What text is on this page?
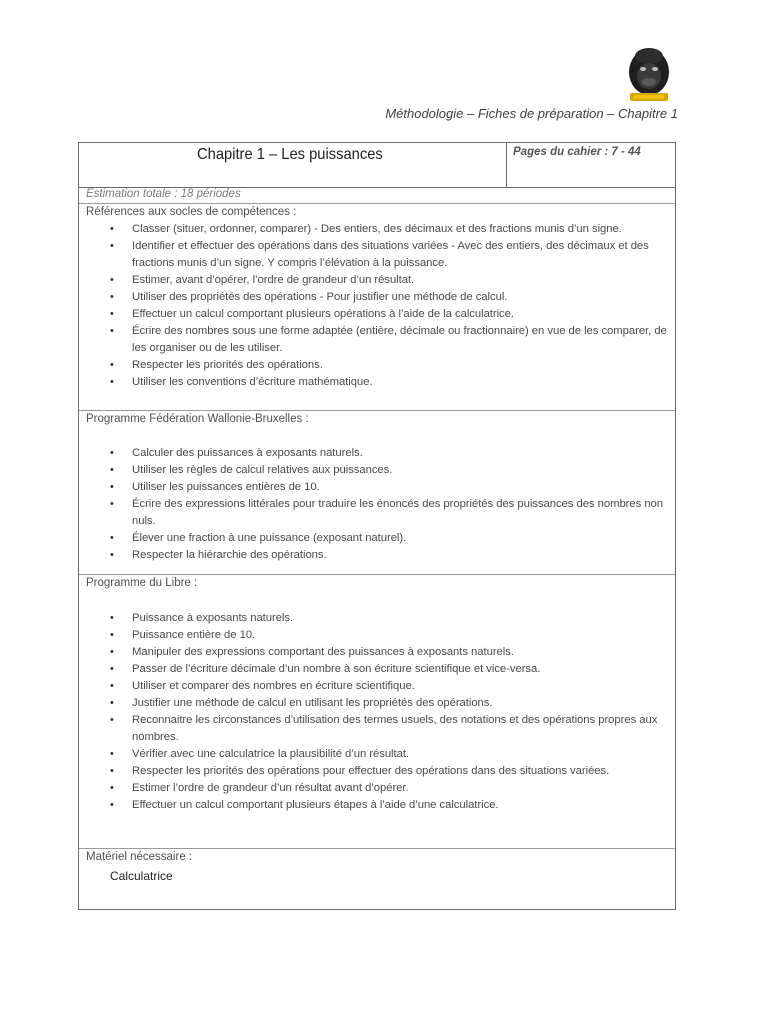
Méthodologie – Fiches de préparation – Chapitre 1
Chapitre 1 – Les puissances	Pages du cahier : 7 - 44
Estimation totale : 18 périodes
Références aux socles de compétences :
• Classer (situer, ordonner, comparer) - Des entiers, des décimaux et des fractions munis d’un signe.
• Identifier et effectuer des opérations dans des situations variées - Avec des entiers, des décimaux et des fractions munis d’un signe. Y compris l’élévation à la puissance.
• Estimer, avant d’opérer, l’ordre de grandeur d’un résultat.
• Utiliser des propriétés des opérations - Pour justifier une méthode de calcul.
• Effectuer un calcul comportant plusieurs opérations à l’aide de la calculatrice.
• Écrire des nombres sous une forme adaptée (entière, décimale ou fractionnaire) en vue de les comparer, de les organiser ou de les utiliser.
• Respecter les priorités des opérations.
• Utiliser les conventions d’écriture mathématique.
Programme Fédération Wallonie-Bruxelles :
• Calculer des puissances à exposants naturels.
• Utiliser les règles de calcul relatives aux puissances.
• Utiliser les puissances entières de 10.
• Écrire des expressions littérales pour traduire les énoncés des propriétés des puissances des nombres non nuls.
• Élever une fraction à une puissance (exposant naturel).
• Respecter la hiérarchie des opérations.
Programme du Libre :
• Puissance à exposants naturels.
• Puissance entière de 10.
• Manipuler des expressions comportant des puissances à exposants naturels.
• Passer de l’écriture décimale d’un nombre à son écriture scientifique et vice-versa.
• Utiliser et comparer des nombres en écriture scientifique.
• Justifier une méthode de calcul en utilisant les propriétés des opérations.
• Reconnaitre les circonstances d’utilisation des termes usuels, des notations et des opérations propres aux nombres.
• Vérifier avec une calculatrice la plausibilité d’un résultat.
• Respecter les priorités des opérations pour effectuer des opérations dans des situations variées.
• Estimer l’ordre de grandeur d’un résultat avant d’opérer.
• Effectuer un calcul comportant plusieurs étapes à l’aide d’une calculatrice.
Matériel nécessaire :
Calculatrice
